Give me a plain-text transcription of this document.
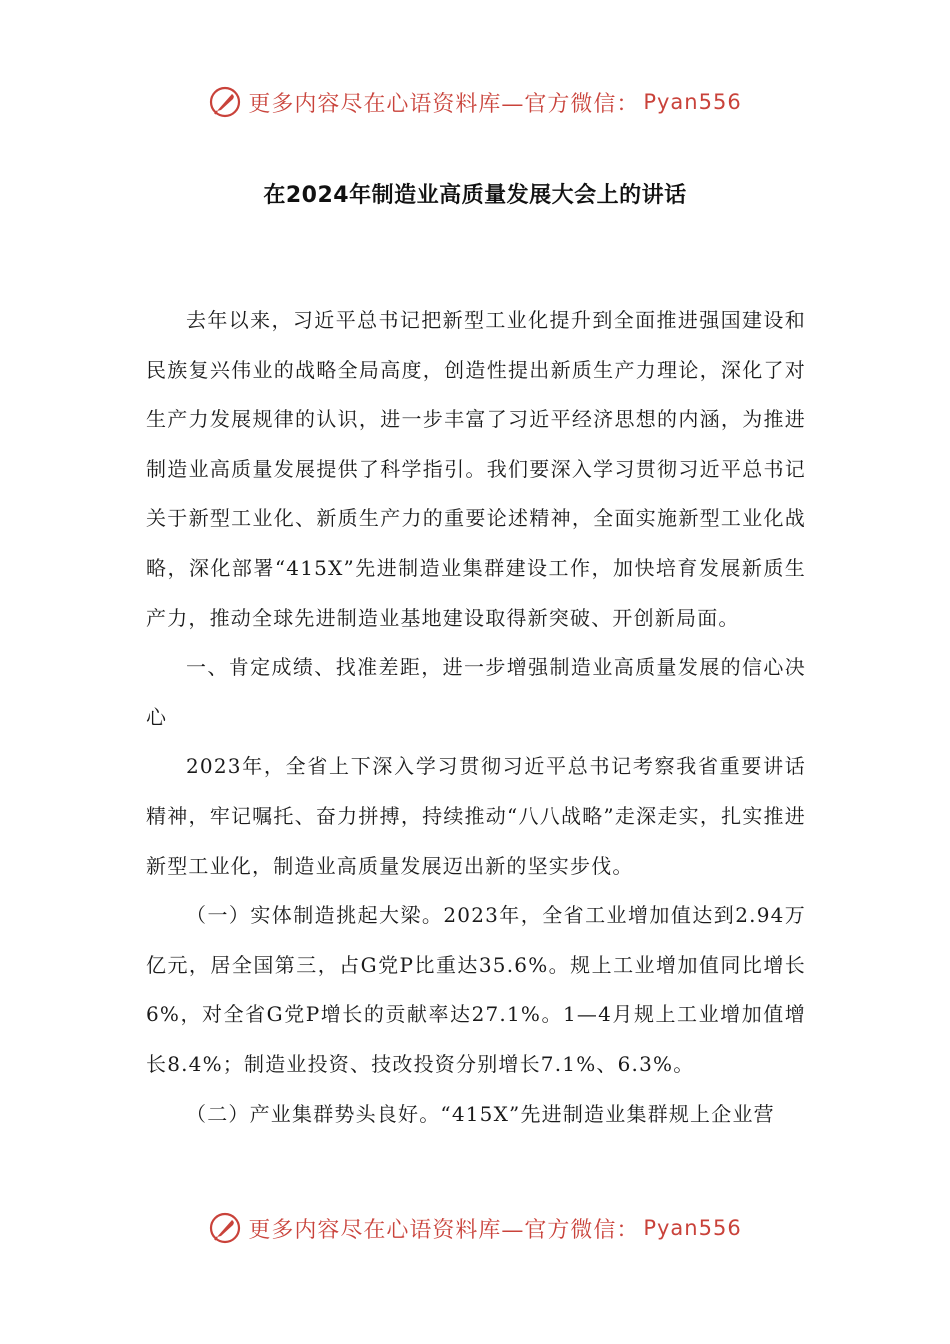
更多内容尽在心语资料库—官方微信： Pyan556
在2024年制造业高质量发展大会上的讲话

去年以来，习近平总书记把新型工业化提升到全面推进强国建设和民族复兴伟业的战略全局高度，创造性提出新质生产力理论，深化了对生产力发展规律的认识，进一步丰富了习近平经济思想的内涵，为推进制造业高质量发展提供了科学指引。我们要深入学习贯彻习近平总书记关于新型工业化、新质生产力的重要论述精神，全面实施新型工业化战略，深化部署“415X”先进制造业集群建设工作，加快培育发展新质生产力，推动全球先进制造业基地建设取得新突破、开创新局面。

一、肯定成绩、找准差距，进一步增强制造业高质量发展的信心决心

2023年，全省上下深入学习贯彻习近平总书记考察我省重要讲话精神，牢记嘱托、奋力拼搏，持续推动“八八战略”走深走实，扎实推进新型工业化，制造业高质量发展迈出新的坚实步伐。

（一）实体制造挑起大梁。2023年，全省工业增加值达到2.94万亿元，居全国第三，占G党P比重达35.6%。规上工业增加值同比增长6%，对全省G党P增长的贡献率达27.1%。1—4月规上工业增加值增长8.4%；制造业投资、技改投资分别增长7.1%、6.3%。

（二）产业集群势头良好。“415X”先进制造业集群规上企业营

更多内容尽在心语资料库—官方微信： Pyan556
